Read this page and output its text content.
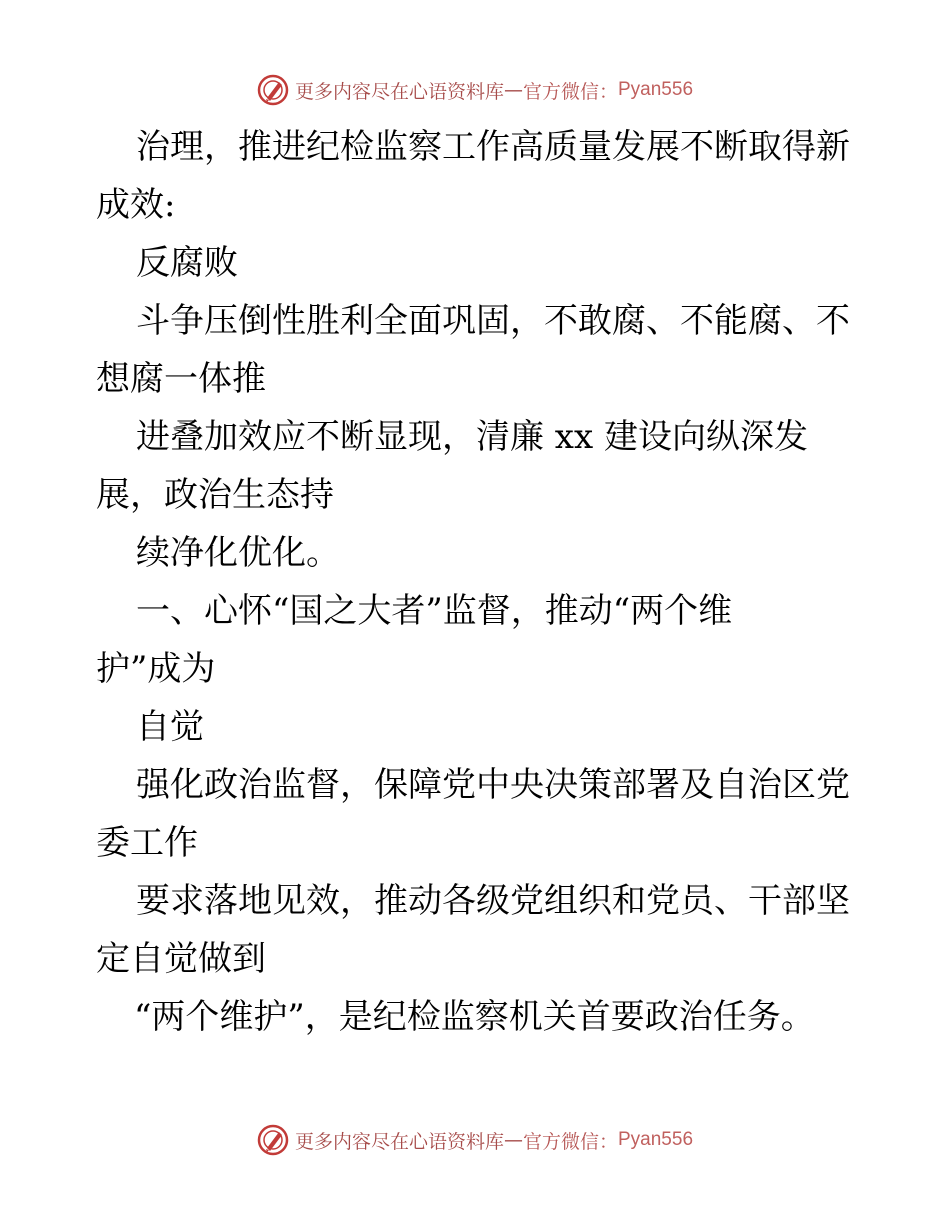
更多内容尽在心语资料库 — 官方微信： Pyan556
治理，推进纪检监察工作高质量发展不断取得新
成效:
反腐败
斗争压倒性胜利全面巩固，不敢腐、不能腐、不
想腐一体推
进叠加效应不断显现，清廉 xx 建设向纵深发
展，政治生态持
续净化优化。
一、心怀“国之大者”监督，推动“两个维
护”成为
自觉
强化政治监督，保障党中央决策部署及自治区党
委工作
要求落地见效，推动各级党组织和党员、干部坚
定自觉做到
“两个维护”，是纪检监察机关首要政治任务。
更多内容尽在心语资料库 — 官方微信： Pyan556
